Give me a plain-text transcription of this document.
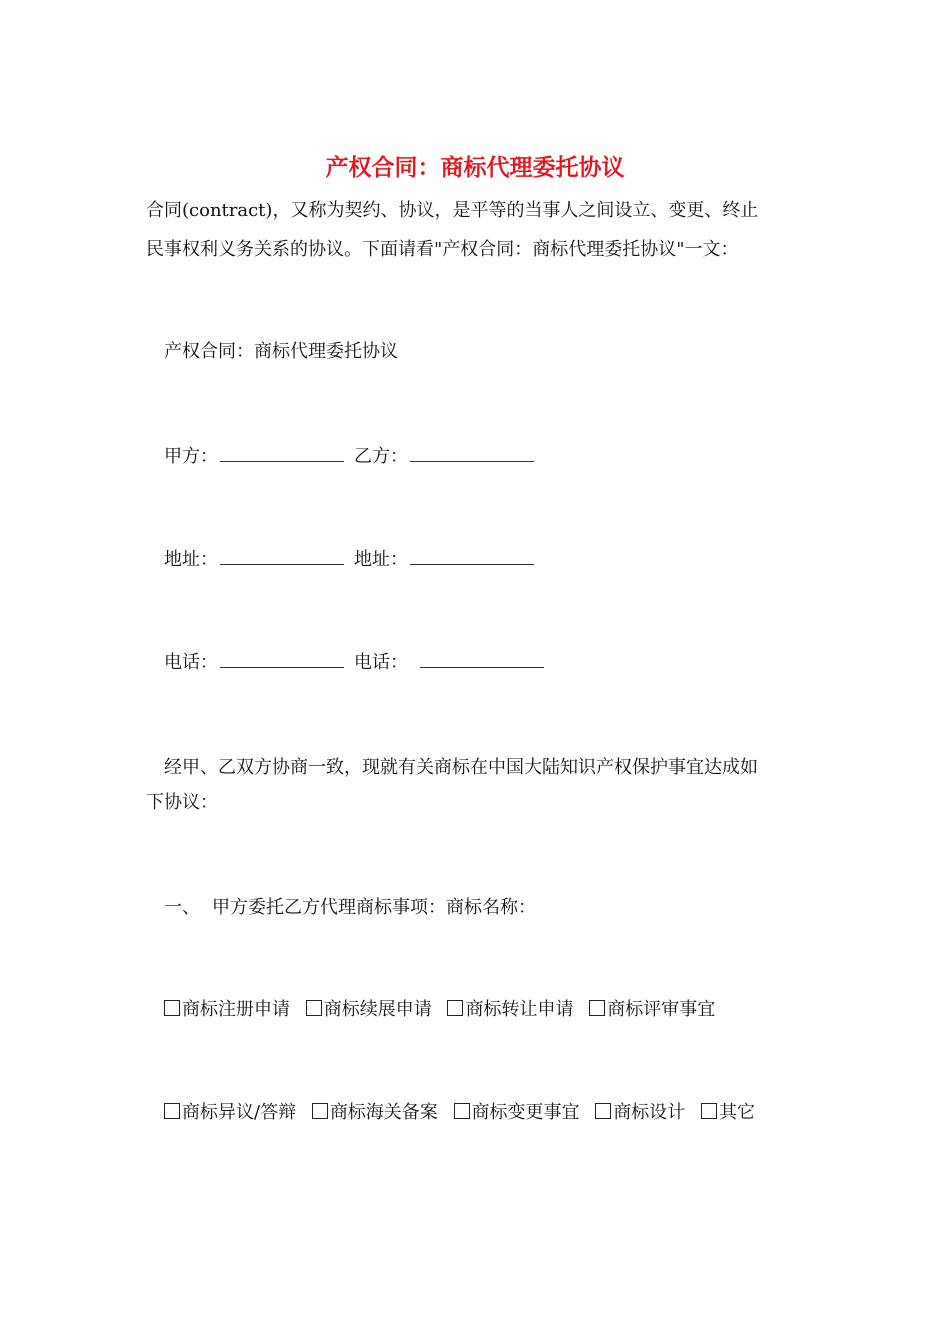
产权合同：商标代理委托协议
合同(contract)，又称为契约、协议，是平等的当事人之间设立、变更、终止
民事权利义务关系的协议。下面请看"产权合同：商标代理委托协议"一文：
产权合同：商标代理委托协议
甲方：	乙方：
地址：	地址：
电话：	电话：
经甲、乙双方协商一致，现就有关商标在中国大陆知识产权保护事宜达成如
下协议：
一、 甲方委托乙方代理商标事项：商标名称：
商标注册申请 商标续展申请 商标转让申请 商标评审事宜
商标异议/答辩 商标海关备案 商标变更事宜 商标设计 其它
